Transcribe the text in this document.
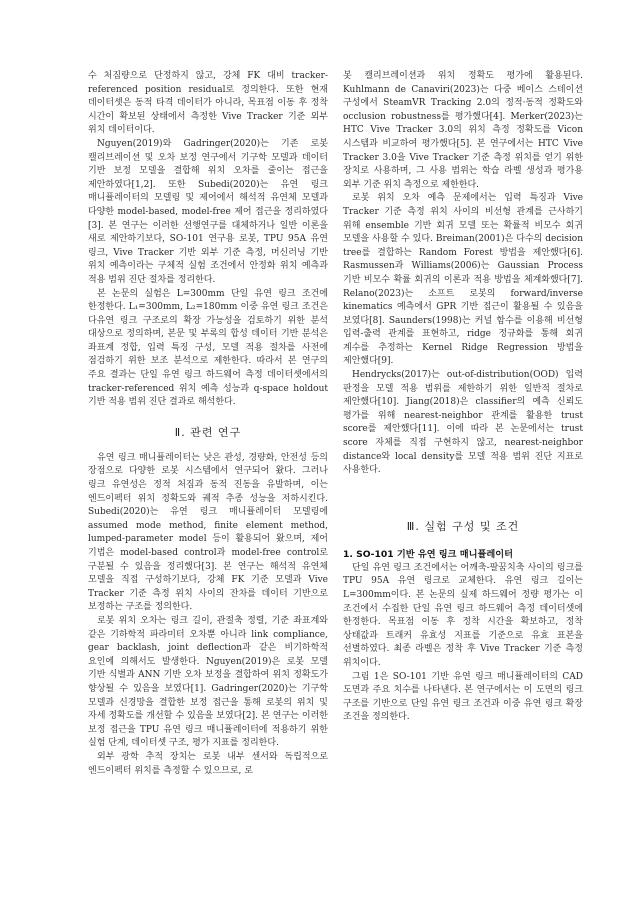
수 처짐량으로 단정하지 않고, 강체 FK 대비 tracker-referenced position residual로 정의한다. 또한 현재 데이터셋은 동적 타격 데이터가 아니라, 목표점 이동 후 정착 시간이 확보된 상태에서 측정한 Vive Tracker 기준 외부 위치 데이터이다.

Nguyen(2019)와 Gadringer(2020)는 기존 로봇 캘리브레이션 및 오차 보정 연구에서 기구학 모델과 데이터 기반 보정 모델을 결합해 위치 오차를 줄이는 접근을 제안하였다[1,2]. 또한 Subedi(2020)는 유연 링크 매니퓰레이터의 모델링 및 제어에서 해석적 유연체 모델과 다양한 model-based, model-free 제어 접근을 정리하였다[3]. 본 연구는 이러한 선행연구를 대체하거나 일반 이론을 새로 제안하기보다, SO-101 연구용 로봇, TPU 95A 유연 링크, Vive Tracker 기반 외부 기준 측정, 머신러닝 기반 위치 예측이라는 구체적 실험 조건에서 안정화 위치 예측과 적용 범위 진단 절차를 정리한다.

본 논문의 실험은 L=300mm 단일 유연 링크 조건에 한정한다. L₁=300mm, L₂=180mm 이중 유연 링크 조건은 다유연 링크 구조로의 확장 가능성을 검토하기 위한 분석 대상으로 정의하며, 본문 및 부록의 합성 데이터 기반 분석은 좌표계 정합, 입력 특징 구성, 모델 적용 절차를 사전에 점검하기 위한 보조 분석으로 제한한다. 따라서 본 연구의 주요 결과는 단일 유연 링크 하드웨어 측정 데이터셋에서의 tracker-referenced 위치 예측 성능과 q-space holdout 기반 적용 범위 진단 결과로 해석한다.

Ⅱ. 관련 연구

유연 링크 매니퓰레이터는 낮은 관성, 경량화, 안전성 등의 장점으로 다양한 로봇 시스템에서 연구되어 왔다. 그러나 링크 유연성은 정적 처짐과 동적 진동을 유발하며, 이는 엔드이펙터 위치 정확도와 궤적 추종 성능을 저하시킨다. Subedi(2020)는 유연 링크 매니퓰레이터 모델링에 assumed mode method, finite element method, lumped-parameter model 등이 활용되어 왔으며, 제어 기법은 model-based control과 model-free control로 구분될 수 있음을 정리했다[3]. 본 연구는 해석적 유연체 모델을 직접 구성하기보다, 강체 FK 기준 모델과 Vive Tracker 기준 측정 위치 사이의 잔차를 데이터 기반으로 보정하는 구조를 정의한다.

로봇 위치 오차는 링크 길이, 관절축 정렬, 기준 좌표계와 같은 기하학적 파라미터 오차뿐 아니라 link compliance, gear backlash, joint deflection과 같은 비기하학적 요인에 의해서도 발생한다. Nguyen(2019)은 로봇 모델 기반 식별과 ANN 기반 오차 보정을 결합하여 위치 정확도가 향상될 수 있음을 보였다[1]. Gadringer(2020)는 기구학 모델과 신경망을 결합한 보정 접근을 통해 로봇의 위치 및 자세 정확도를 개선할 수 있음을 보였다[2]. 본 연구는 이러한 보정 접근을 TPU 유연 링크 매니퓰레이터에 적용하기 위한 실험 단계, 데이터셋 구조, 평가 지표를 정리한다.

외부 광학 추적 장치는 로봇 내부 센서와 독립적으로 엔드이펙터 위치를 측정할 수 있으므로, 로

봇 캘리브레이션과 위치 정확도 평가에 활용된다. Kuhlmann de Canaviri(2023)는 다중 베이스 스테이션 구성에서 SteamVR Tracking 2.0의 정적·동적 정확도와 occlusion robustness를 평가했다[4]. Merker(2023)는 HTC Vive Tracker 3.0의 위치 측정 정확도를 Vicon 시스템과 비교하여 평가했다[5]. 본 연구에서는 HTC Vive Tracker 3.0을 Vive Tracker 기준 측정 위치를 얻기 위한 장치로 사용하며, 그 사용 범위는 학습 라벨 생성과 평가용 외부 기준 위치 측정으로 제한한다.

로봇 위치 오차 예측 문제에서는 입력 특징과 Vive Tracker 기준 측정 위치 사이의 비선형 관계를 근사하기 위해 ensemble 기반 회귀 모델 또는 확률적 비모수 회귀 모델을 사용할 수 있다. Breiman(2001)은 다수의 decision tree를 결합하는 Random Forest 방법을 제안했다[6]. Rasmussen과 Williams(2006)는 Gaussian Process 기반 비모수 확률 회귀의 이론과 적용 방법을 체계화했다[7]. Relano(2023)는 소프트 로봇의 forward/inverse kinematics 예측에서 GPR 기반 접근이 활용될 수 있음을 보였다[8]. Saunders(1998)는 커널 함수를 이용해 비선형 입력-출력 관계를 표현하고, ridge 정규화를 통해 회귀 계수를 추정하는 Kernel Ridge Regression 방법을 제안했다[9].

Hendrycks(2017)는 out-of-distribution(OOD) 입력 판정을 모델 적용 범위를 제한하기 위한 일반적 절차로 제안했다[10]. Jiang(2018)은 classifier의 예측 신뢰도 평가를 위해 nearest-neighbor 관계를 활용한 trust score를 제안했다[11]. 이에 따라 본 논문에서는 trust score 자체를 직접 구현하지 않고, nearest-neighbor distance와 local density를 모델 적용 범위 진단 지표로 사용한다.

Ⅲ. 실험 구성 및 조건
1. SO-101 기반 유연 링크 매니퓰레이터

단일 유연 링크 조건에서는 어깨축-팔꿈치축 사이의 링크를 TPU 95A 유연 링크로 교체한다. 유연 링크 길이는 L=300mm이다. 본 논문의 실제 하드웨어 정량 평가는 이 조건에서 수집한 단일 유연 링크 하드웨어 측정 데이터셋에 한정한다. 목표점 이동 후 정착 시간을 확보하고, 정착 상태값과 트래커 유효성 지표를 기준으로 유효 표본을 선별하였다. 최종 라벨은 정착 후 Vive Tracker 기준 측정 위치이다.

그림 1은 SO-101 기반 유연 링크 매니퓰레이터의 CAD 도면과 주요 치수를 나타낸다. 본 연구에서는 이 도면의 링크 구조를 기반으로 단일 유연 링크 조건과 이중 유연 링크 확장 조건을 정의한다.
